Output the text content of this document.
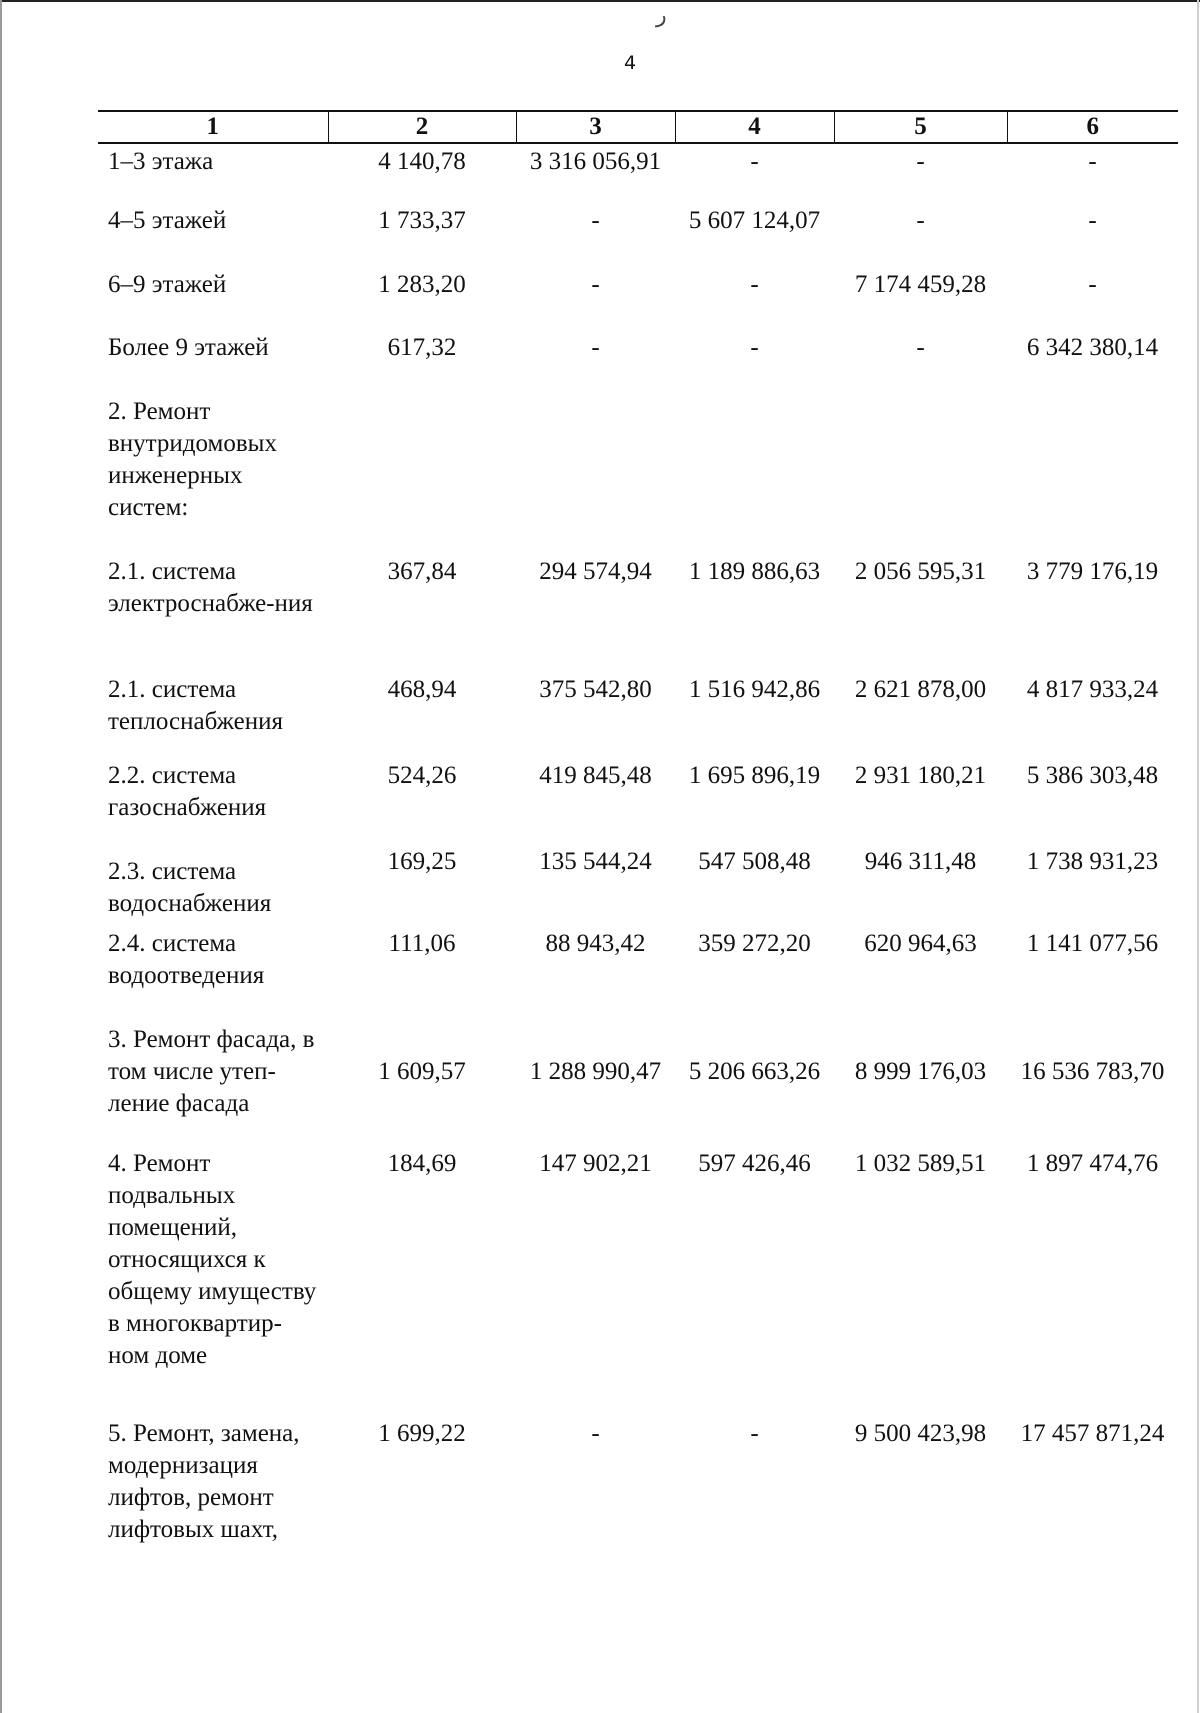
ر
4
1	2	3	4	5	6
1–3 этажа	4 140,78	3 316 056,91	-	-	-
4–5 этажей	1 733,37	-	5 607 124,07	-	-
6–9 этажей	1 283,20	-	-	7 174 459,28	-
Более 9 этажей	617,32	-	-	-	6 342 380,14
2. Ремонт внутридомовых инженерных систем:					
2.1. система электроснабже-ния	367,84	294 574,94	1 189 886,63	2 056 595,31	3 779 176,19
2.1. система теплоснабжения	468,94	375 542,80	1 516 942,86	2 621 878,00	4 817 933,24
2.2. система газоснабжения	524,26	419 845,48	1 695 896,19	2 931 180,21	5 386 303,48
2.3. система водоснабжения	169,25	135 544,24	547 508,48	946 311,48	1 738 931,23
2.4. система водоотведения	111,06	88 943,42	359 272,20	620 964,63	1 141 077,56
3. Ремонт фасада, в том числе утеп-ление фасада	1 609,57	1 288 990,47	5 206 663,26	8 999 176,03	16 536 783,70
4. Ремонт подвальных помещений, относящихся к общему имуществу в многоквартир-ном доме	184,69	147 902,21	597 426,46	1 032 589,51	1 897 474,76
5. Ремонт, замена, модернизация лифтов, ремонт лифтовых шахт,	1 699,22	-	-	9 500 423,98	17 457 871,24
